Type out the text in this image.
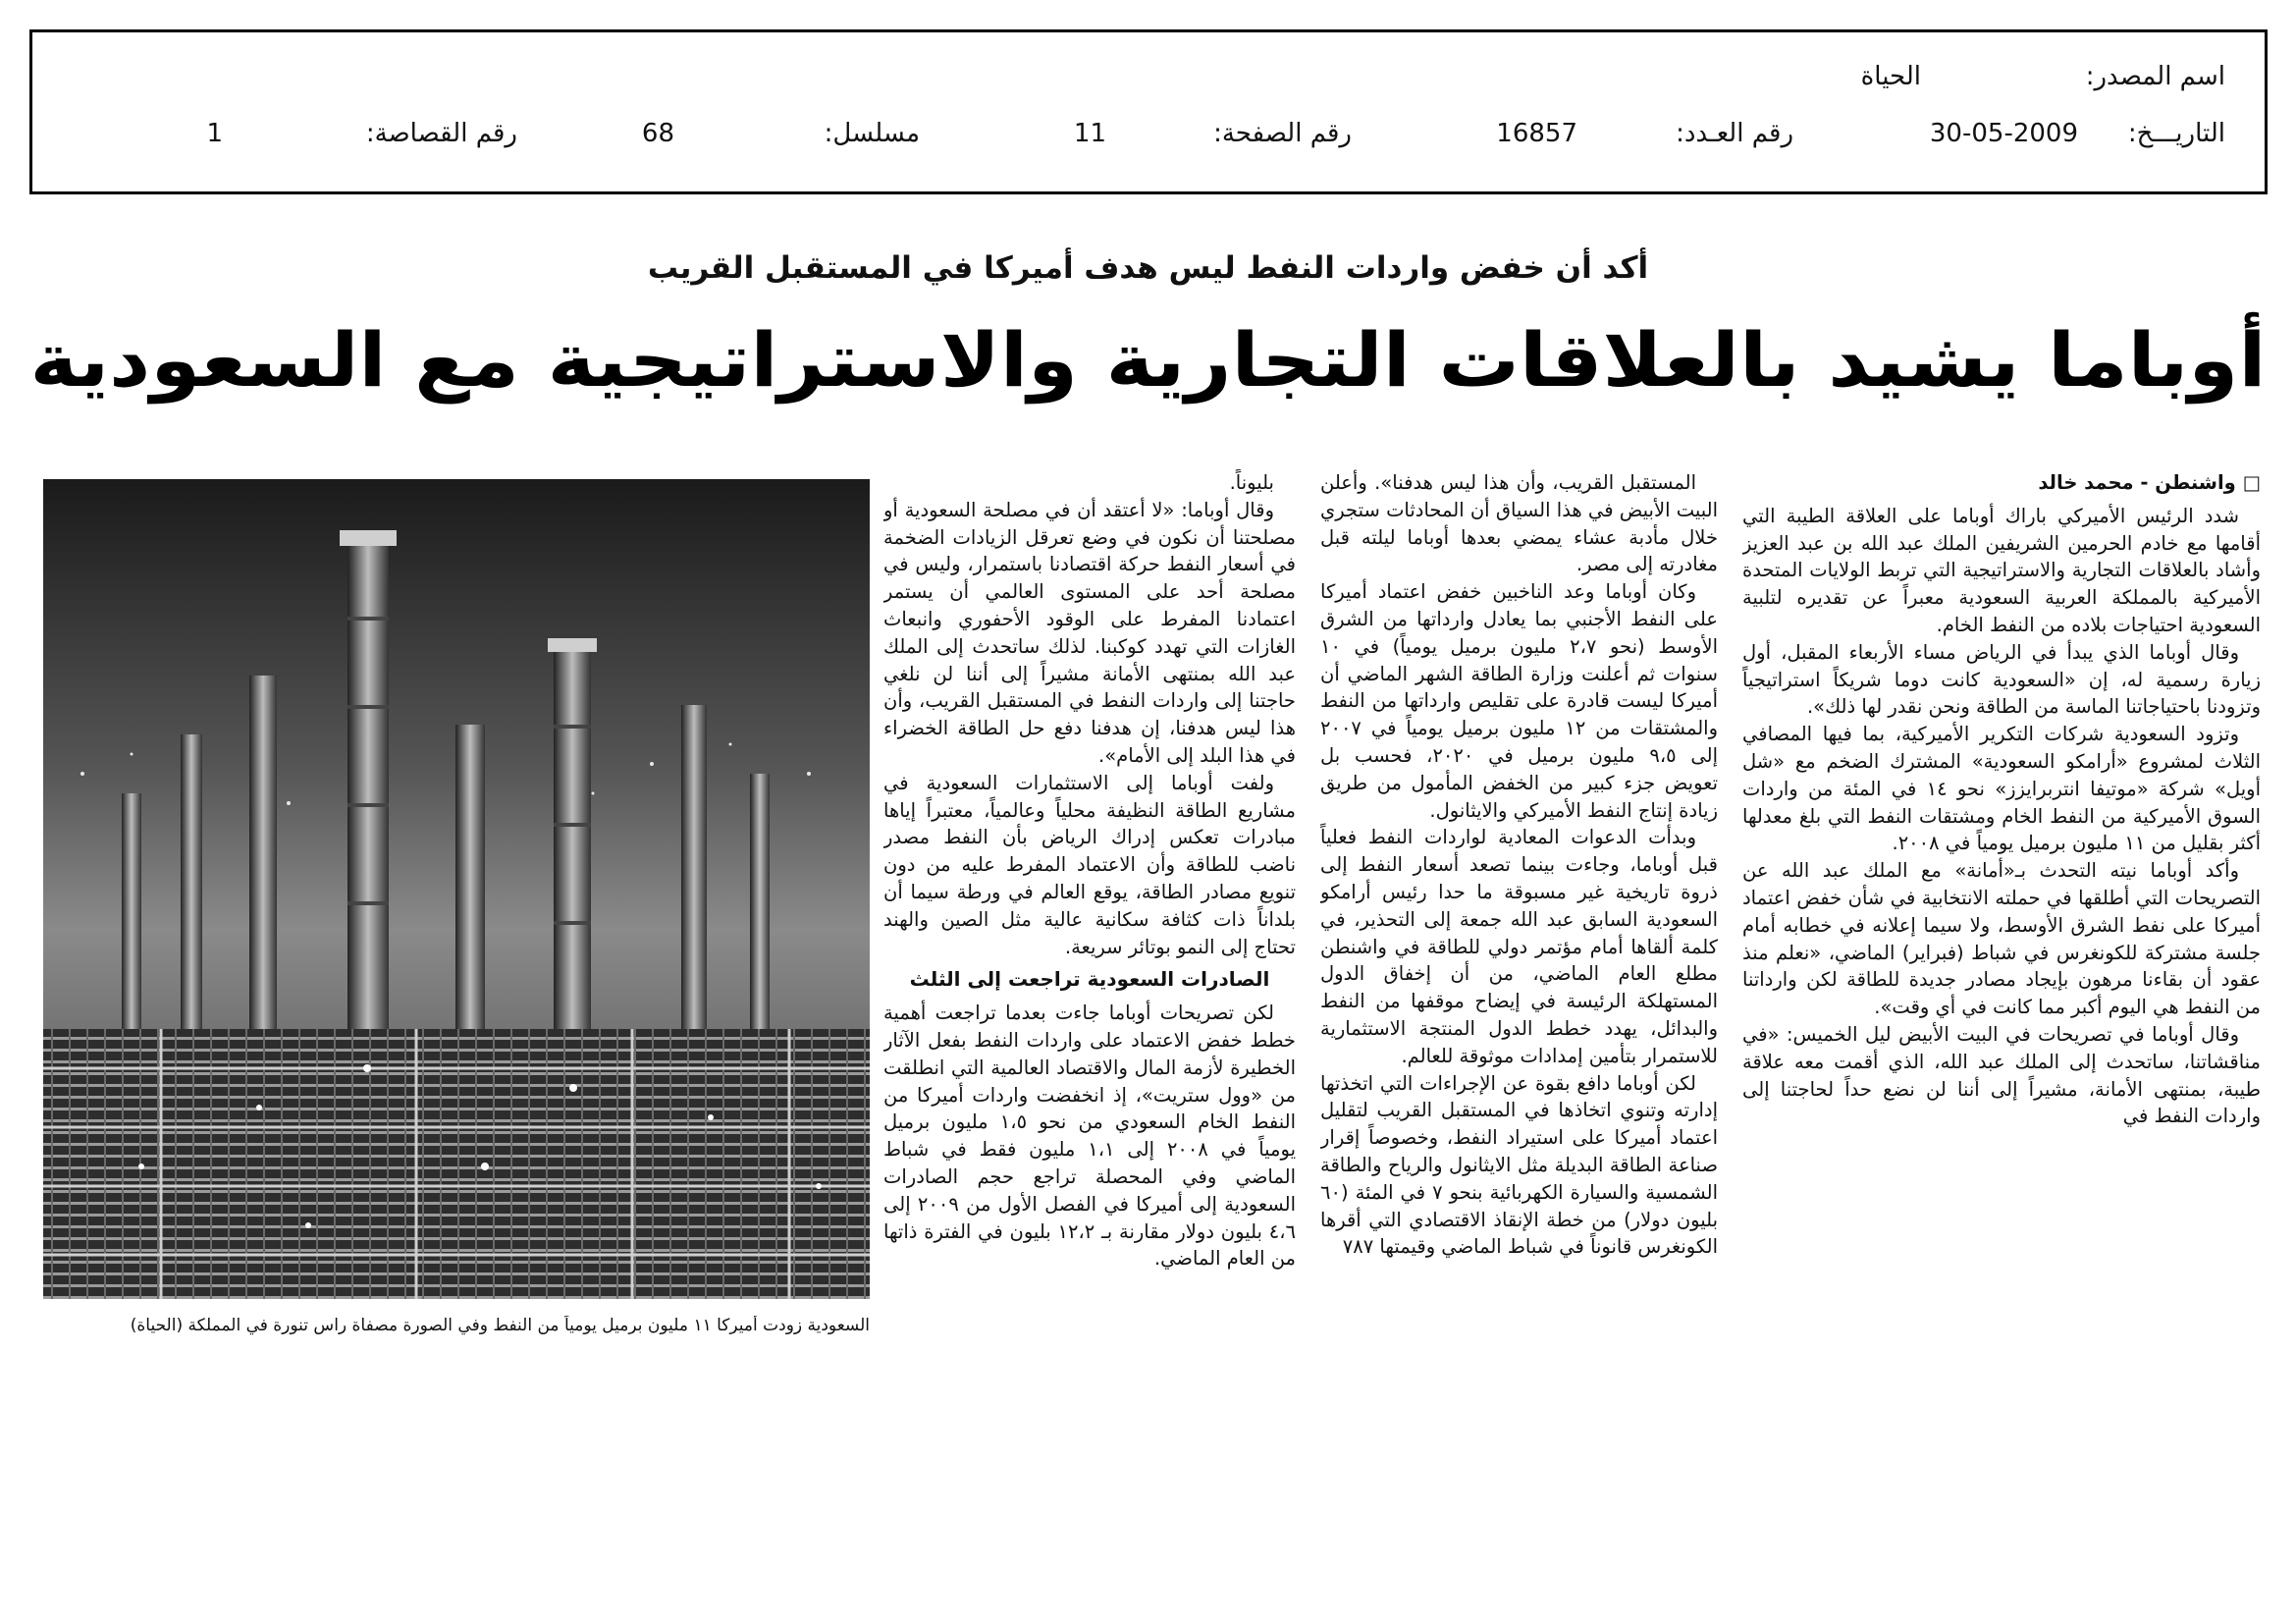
اسم المصدر:
الحياة
التاريـــخ:
30-05-2009
رقم العـدد:
16857
رقم الصفحة:
11
مسلسل:
68
رقم القصاصة:
1
أكد أن خفض واردات النفط ليس هدف أميركا في المستقبل القريب
أوباما يشيد بالعلاقات التجارية والاستراتيجية مع السعودية

□ واشنطن - محمد خالد

شدد الرئيس الأميركي باراك أوباما على العلاقة الطيبة التي أقامها مع خادم الحرمين الشريفين الملك عبد الله بن عبد العزيز وأشاد بالعلاقات التجارية والاستراتيجية التي تربط الولايات المتحدة الأميركية بالمملكة العربية السعودية معبراً عن تقديره لتلبية السعودية احتياجات بلاده من النفط الخام.

وقال أوباما الذي يبدأ في الرياض مساء الأربعاء المقبل، أول زيارة رسمية له، إن «السعودية كانت دوما شريكاً استراتيجياً وتزودنا باحتياجاتنا الماسة من الطاقة ونحن نقدر لها ذلك».

وتزود السعودية شركات التكرير الأميركية، بما فيها المصافي الثلاث لمشروع «أرامكو السعودية» المشترك الضخم مع «شل أويل» شركة «موتيفا انتربرايزز» نحو ١٤ في المئة من واردات السوق الأميركية من النفط الخام ومشتقات النفط التي بلغ معدلها أكثر بقليل من ١١ مليون برميل يومياً في ٢٠٠٨.

وأكد أوباما نيته التحدث بـ«أمانة» مع الملك عبد الله عن التصريحات التي أطلقها في حملته الانتخابية في شأن خفض اعتماد أميركا على نفط الشرق الأوسط، ولا سيما إعلانه في خطابه أمام جلسة مشتركة للكونغرس في شباط (فبراير) الماضي، «نعلم منذ عقود أن بقاءنا مرهون بإيجاد مصادر جديدة للطاقة لكن وارداتنا من النفط هي اليوم أكبر مما كانت في أي وقت».

وقال أوباما في تصريحات في البيت الأبيض ليل الخميس: «في مناقشاتنا، ساتحدث إلى الملك عبد الله، الذي أقمت معه علاقة طيبة، بمنتهى الأمانة، مشيراً إلى أننا لن نضع حداً لحاجتنا إلى واردات النفط في

المستقبل القريب، وأن هذا ليس هدفنا». وأعلن البيت الأبيض في هذا السياق أن المحادثات ستجري خلال مأدبة عشاء يمضي بعدها أوباما ليلته قبل مغادرته إلى مصر.

وكان أوباما وعد الناخبين خفض اعتماد أميركا على النفط الأجنبي بما يعادل وارداتها من الشرق الأوسط (نحو ٢،٧ مليون برميل يومياً) في ١٠ سنوات ثم أعلنت وزارة الطاقة الشهر الماضي أن أميركا ليست قادرة على تقليص وارداتها من النفط والمشتقات من ١٢ مليون برميل يومياً في ٢٠٠٧ إلى ٩،٥ مليون برميل في ٢٠٢٠، فحسب بل تعويض جزء كبير من الخفض المأمول من طريق زيادة إنتاج النفط الأميركي والايثانول.

وبدأت الدعوات المعادية لواردات النفط فعلياً قبل أوباما، وجاءت بينما تصعد أسعار النفط إلى ذروة تاريخية غير مسبوقة ما حدا رئيس أرامكو السعودية السابق عبد الله جمعة إلى التحذير، في كلمة ألقاها أمام مؤتمر دولي للطاقة في واشنطن مطلع العام الماضي، من أن إخفاق الدول المستهلكة الرئيسة في إيضاح موقفها من النفط والبدائل، يهدد خطط الدول المنتجة الاستثمارية للاستمرار بتأمين إمدادات موثوقة للعالم.

لكن أوباما دافع بقوة عن الإجراءات التي اتخذتها إدارته وتنوي اتخاذها في المستقبل القريب لتقليل اعتماد أميركا على استيراد النفط، وخصوصاً إقرار صناعة الطاقة البديلة مثل الايثانول والرياح والطاقة الشمسية والسيارة الكهربائية بنحو ٧ في المئة (٦٠ بليون دولار) من خطة الإنقاذ الاقتصادي التي أقرها الكونغرس قانوناً في شباط الماضي وقيمتها ٧٨٧

بليوناً.

وقال أوباما: «لا أعتقد أن في مصلحة السعودية أو مصلحتنا أن نكون في وضع تعرقل الزيادات الضخمة في أسعار النفط حركة اقتصادنا باستمرار، وليس في مصلحة أحد على المستوى العالمي أن يستمر اعتمادنا المفرط على الوقود الأحفوري وانبعاث الغازات التي تهدد كوكبنا. لذلك ساتحدث إلى الملك عبد الله بمنتهى الأمانة مشيراً إلى أننا لن نلغي حاجتنا إلى واردات النفط في المستقبل القريب، وأن هذا ليس هدفنا، إن هدفنا دفع حل الطاقة الخضراء في هذا البلد إلى الأمام».

ولفت أوباما إلى الاستثمارات السعودية في مشاريع الطاقة النظيفة محلياً وعالمياً، معتبراً إياها مبادرات تعكس إدراك الرياض بأن النفط مصدر ناضب للطاقة وأن الاعتماد المفرط عليه من دون تنويع مصادر الطاقة، يوقع العالم في ورطة سيما أن بلداناً ذات كثافة سكانية عالية مثل الصين والهند تحتاج إلى النمو بوتائر سريعة.

الصادرات السعودية تراجعت إلى الثلث

لكن تصريحات أوباما جاءت بعدما تراجعت أهمية خطط خفض الاعتماد على واردات النفط بفعل الآثار الخطيرة لأزمة المال والاقتصاد العالمية التي انطلقت من «وول ستريت»، إذ انخفضت واردات أميركا من النفط الخام السعودي من نحو ١،٥ مليون برميل يومياً في ٢٠٠٨ إلى ١،١ مليون فقط في شباط الماضي وفي المحصلة تراجع حجم الصادرات السعودية إلى أميركا في الفصل الأول من ٢٠٠٩ إلى ٤،٦ بليون دولار مقارنة بـ ١٢،٢ بليون في الفترة ذاتها من العام الماضي.

السعودية زودت أميركا ١١ مليون برميل يومياً من النفط وفي الصورة مصفاة راس تنورة في المملكة (الحياة)
